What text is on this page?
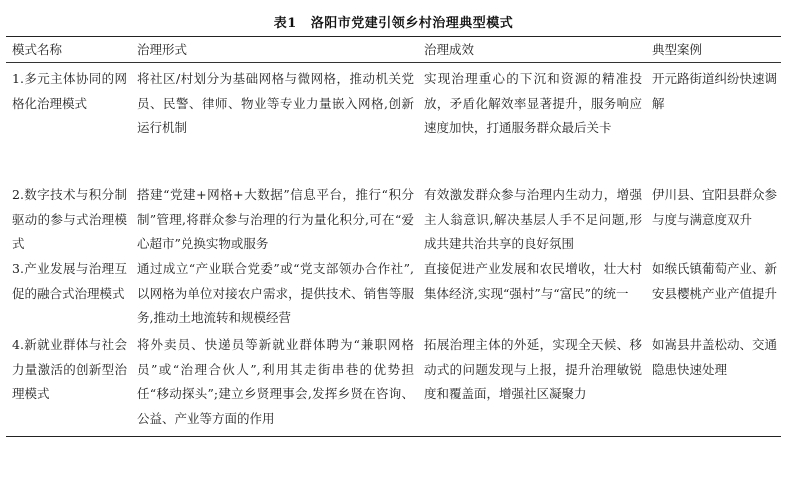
表1 洛阳市党建引领乡村治理典型模式
模式名称	治理形式	治理成效	典型案例
1.多元主体协同的网格化治理模式	将社区/村划分为基础网格与微网格，推动机关党员、民警、律师、物业等专业力量嵌入网格,创新运行机制	实现治理重心的下沉和资源的精准投放，矛盾化解效率显著提升，服务响应速度加快，打通服务群众最后关卡	开元路街道纠纷快速调解
2.数字技术与积分制驱动的参与式治理模式	搭建“党建+网格+大数据”信息平台，推行“积分制”管理,将群众参与治理的行为量化积分,可在“爱心超市”兑换实物或服务	有效激发群众参与治理内生动力，增强主人翁意识,解决基层人手不足问题,形成共建共治共享的良好氛围	伊川县、宜阳县群众参与度与满意度双升
3.产业发展与治理互促的融合式治理模式	通过成立“产业联合党委”或“党支部领办合作社”,以网格为单位对接农户需求，提供技术、销售等服务,推动土地流转和规模经营	直接促进产业发展和农民增收，壮大村集体经济,实现“强村”与“富民”的统一	如缑氏镇葡萄产业、新安县樱桃产业产值提升
4.新就业群体与社会力量激活的创新型治理模式	将外卖员、快递员等新就业群体聘为“兼职网格员”或“治理合伙人”,利用其走街串巷的优势担任“移动探头”;建立乡贤理事会,发挥乡贤在咨询、公益、产业等方面的作用	拓展治理主体的外延，实现全天候、移动式的问题发现与上报，提升治理敏锐度和覆盖面，增强社区凝聚力	如嵩县井盖松动、交通隐患快速处理
